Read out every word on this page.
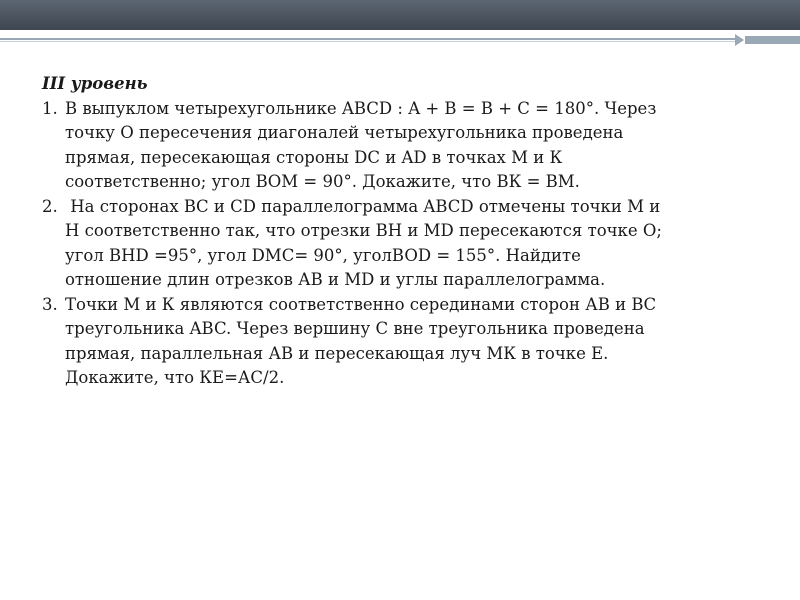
III уровень
1. В выпуклом четырехугольнике ABCD : A + B = B + C = 180°. Через
точку О пересечения диагоналей четырехугольника проведена
прямая, пересекающая стороны DC и AD в точках М и К
соответственно; угол ВОМ = 90°. Докажите, что ВК = ВМ.
2. На сторонах ВС и CD параллелограмма ABCD отмечены точки М и
Н соответственно так, что отрезки ВН и MD пересекаются точке О;
угол BHD =95°, угол DMC= 90°, уголBOD = 155°. Найдите
отношение длин отрезков АВ и MD и углы параллелограмма.
3. Точки М и К являются соответственно серединами сторон АВ и ВС
треугольника ABC. Через вершину С вне треугольника проведена
прямая, параллельная АВ и пересекающая луч МК в точке Е.
Докажите, что КЕ=АС/2.
